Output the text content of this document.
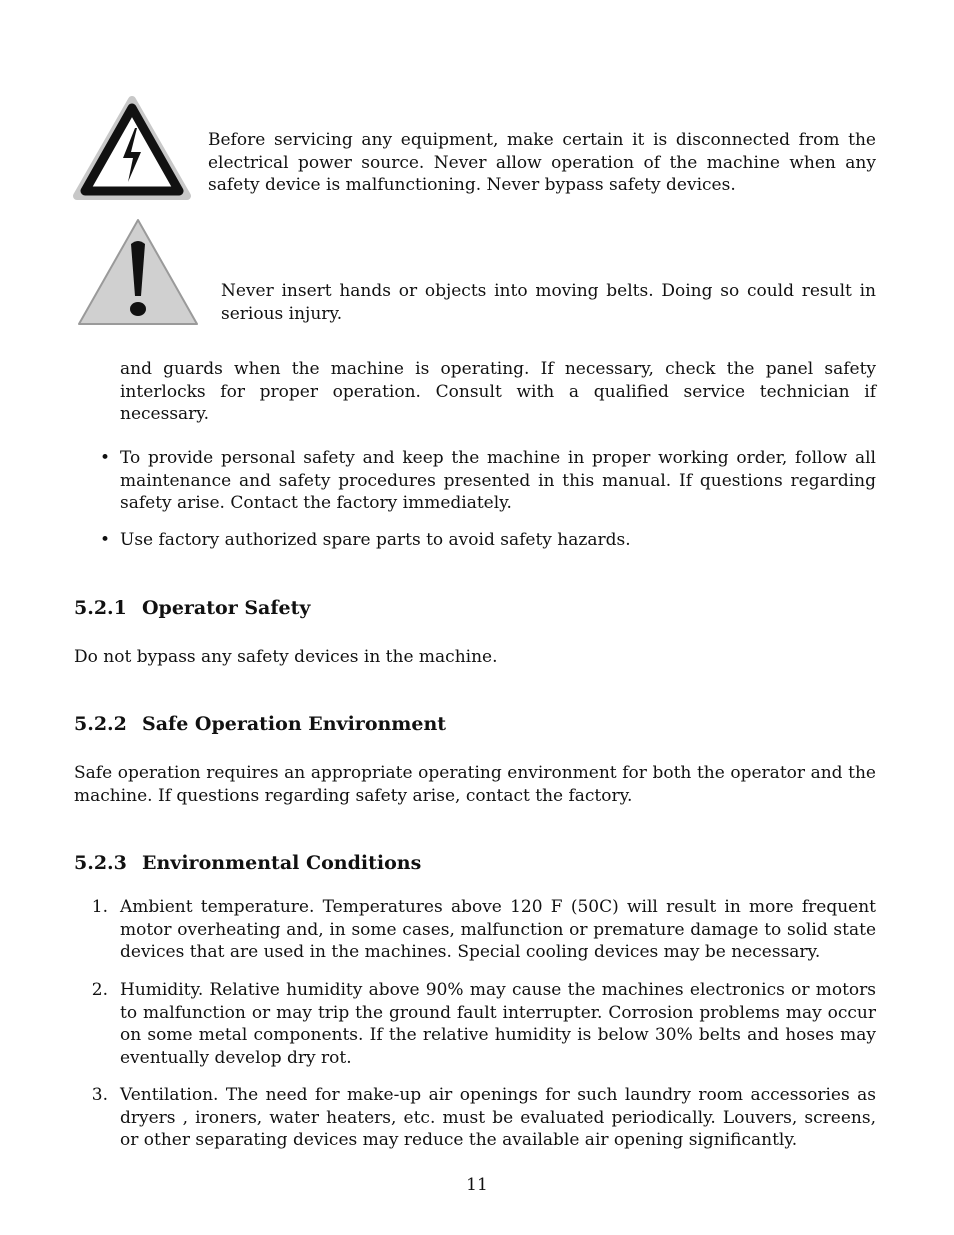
Before servicing any equipment, make certain it is disconnected from the electrical power source. Never allow operation of the machine when any safety device is malfunctioning. Never bypass safety devices.
Never insert hands or objects into moving belts. Doing so could result in serious injury.
and guards when the machine is operating. If necessary, check the panel safety interlocks for proper operation. Consult with a qualified service technician if necessary.
• To provide personal safety and keep the machine in proper working order, follow all maintenance and safety procedures presented in this manual. If questions regarding safety arise. Contact the factory immediately.
• Use factory authorized spare parts to avoid safety hazards.
5.2.1 Operator Safety
Do not bypass any safety devices in the machine.
5.2.2 Safe Operation Environment
Safe operation requires an appropriate operating environment for both the operator and the machine. If questions regarding safety arise, contact the factory.
5.2.3 Environmental Conditions
1. Ambient temperature. Temperatures above 120 F (50C) will result in more frequent motor overheating and, in some cases, malfunction or premature damage to solid state devices that are used in the machines. Special cooling devices may be necessary.
2. Humidity. Relative humidity above 90% may cause the machines electronics or motors to malfunction or may trip the ground fault interrupter. Corrosion problems may occur on some metal components. If the relative humidity is below 30% belts and hoses may eventually develop dry rot.
3. Ventilation. The need for make-up air openings for such laundry room accessories as dryers , ironers, water heaters, etc. must be evaluated periodically. Louvers, screens, or other separating devices may reduce the available air opening significantly.
11
